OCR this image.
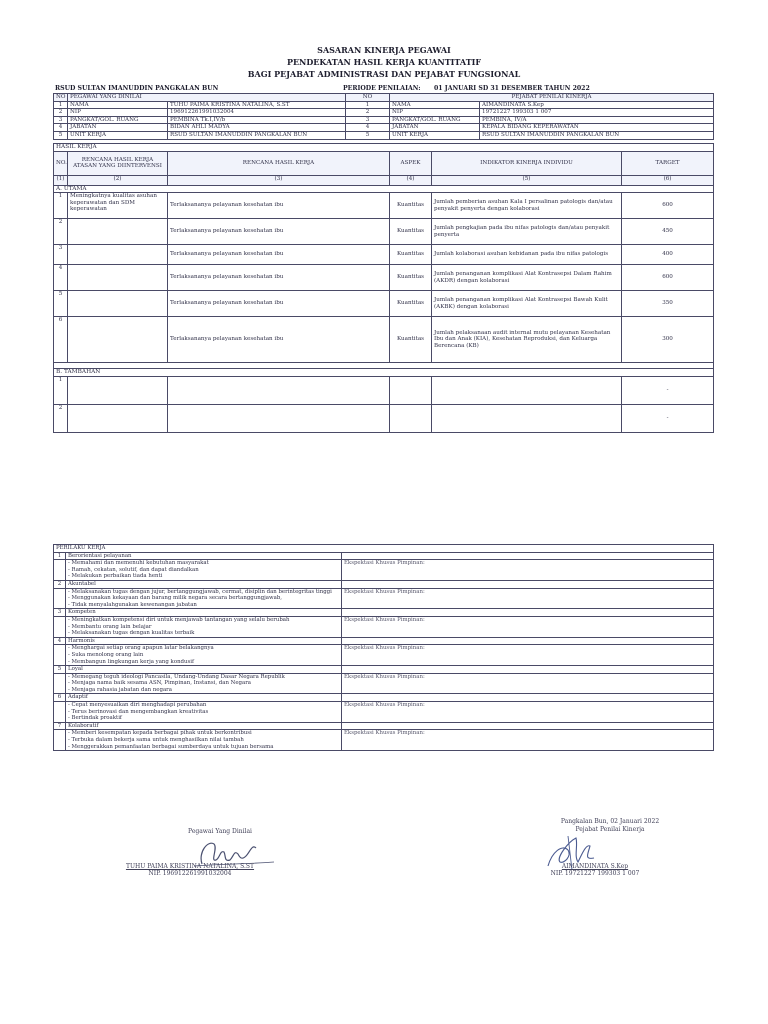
SASARAN KINERJA PEGAWAI
PENDEKATAN HASIL KERJA KUANTITATIF
BAGI PEJABAT ADMINISTRASI DAN PEJABAT FUNGSIONAL
RSUD SULTAN IMANUDDIN PANGKALAN BUN	PERIODE PENILAIAN: 01 JANUARI SD 31 DESEMBER TAHUN 2022
NO	PEGAWAI YANG DINILAI		NO	PEJABAT PENILAI KINERJA	
1	NAMA	TUHU PAIMA KRISTINA NATALINA, S.ST	1	NAMA	AIMANDINATA S.Kep
2	NIP	196912261991032004	2	NIP	19721227 199303 1 007
3	PANGKAT/GOL. RUANG	PEMBINA Tk.I,IV/b	3	PANGKAT/GOL. RUANG	PEMBINA, IV/A
4	JABATAN	BIDAN AHLI MADYA	4	JABATAN	KEPALA BIDANG KEPERAWATAN
5	UNIT KERJA	RSUD SULTAN IMANUDDIN PANGKALAN BUN	5	UNIT KERJA	RSUD SULTAN IMANUDDIN PANGKALAN BUN
HASIL KERJA					
NO.	RENCANA HASIL KERJA ATASAN YANG DIINTERVENSI	RENCANA HASIL KERJA	ASPEK	INDIKATOR KINERJA INDIVIDU	TARGET
(1)	(2)	(3)	(4)	(5)	(6)
A. UTAMA					
1	Meningkatnya kualitas asuhan keperawatan dan SDM keperawatan	Terlaksananya pelayanan kesehatan ibu	Kuantitas	Jumlah pemberian asuhan Kala I persalinan patologis dan/atau penyakit penyerta dengan kolaborasi	600
2		Terlaksananya pelayanan kesehatan ibu	Kuantitas	Jumlah pengkajian pada ibu nifas patologis dan/atau penyakit penyerta	450
3		Terlaksananya pelayanan kesehatan ibu	Kuantitas	Jumlah kolaborasi asuhan kebidanan pada ibu nifas patologis	400
4		Terlaksananya pelayanan kesehatan ibu	Kuantitas	Jumlah penanganan komplikasi Alat Kontrasepsi Dalam Rahim (AKDR) dengan kolaborasi	600
5		Terlaksananya pelayanan kesehatan ibu	Kuantitas	Jumlah penanganan komplikasi Alat Kontrasepsi Bawah Kulit (AKBK) dengan kolaborasi	350
6		Terlaksananya pelayanan kesehatan ibu	Kuantitas	Jumlah pelaksanaan audit internal mutu pelayanan Kesehatan Ibu dan Anak (KIA), Kesehatan Reproduksi, dan Keluarga Berencana (KB)	300

B. TAMBAHAN					
1					-
2					-
PERILAKU KERJA		
1	Berorientasi pelayanan	

	- Memahami dan memenuhi kebutuhan masyarakat
- Ramah, cekatan, solutif, dan dapat diandalkan
- Melakukan perbaikan tiada henti	Ekspektasi Khusus Pimpinan:
2	Akuntabel	

	- Melaksanakan tugas dengan jujur, bertanggungjawab, cermat, disiplin dan berintegritas tinggi
- Menggunakan kekayaan dan barang milik negara secara bertanggungjawab,
- Tidak menyalahgunakan kewenangan jabatan	Ekspektasi Khusus Pimpinan:
3	Kompeten	

	- Meningkatkan kompetensi diri untuk menjawab tantangan yang selalu berubah
- Membantu orang lain belajar
- Melaksanakan tugas dengan kualitas terbaik	Ekspektasi Khusus Pimpinan:
4	Harmonis	

	- Menghargai setiap orang apapun latar belakangnya
- Suka menolong orang lain
- Membangun lingkungan kerja yang kondusif	Ekspektasi Khusus Pimpinan:
5	Loyal	

	- Memegang teguh ideologi Pancasila, Undang-Undang Dasar Negara Republik
- Menjaga nama baik sesama ASN, Pimpinan, Instansi, dan Negara
- Menjaga rahasia jabatan dan negara	Ekspektasi Khusus Pimpinan:
6	Adaptif	

	- Cepat menyesuaikan diri menghadapi perubahan
- Terus berinovasi dan mengembangkan kreativitas
- Bertindak proaktif	Ekspektasi Khusus Pimpinan:
7	Kolaboratif	

	- Memberi kesempatan kepada berbagai pihak untuk berkontribusi
- Terbuka dalam bekerja sama untuk menghasilkan nilai tambah
- Menggerakkan pemanfaatan berbagai sumberdaya untuk tujuan bersama	Ekspektasi Khusus Pimpinan:
Pangkalan Bun, 02 Januari 2022
Pejabat Penilai Kinerja
Pegawai Yang Dinilai
TUHU PAIMA KRISTINA NATALINA, S.ST
NIP. 196912261991032004
AIMANDINATA S.Kep
NIP. 19721227 199303 1 007
